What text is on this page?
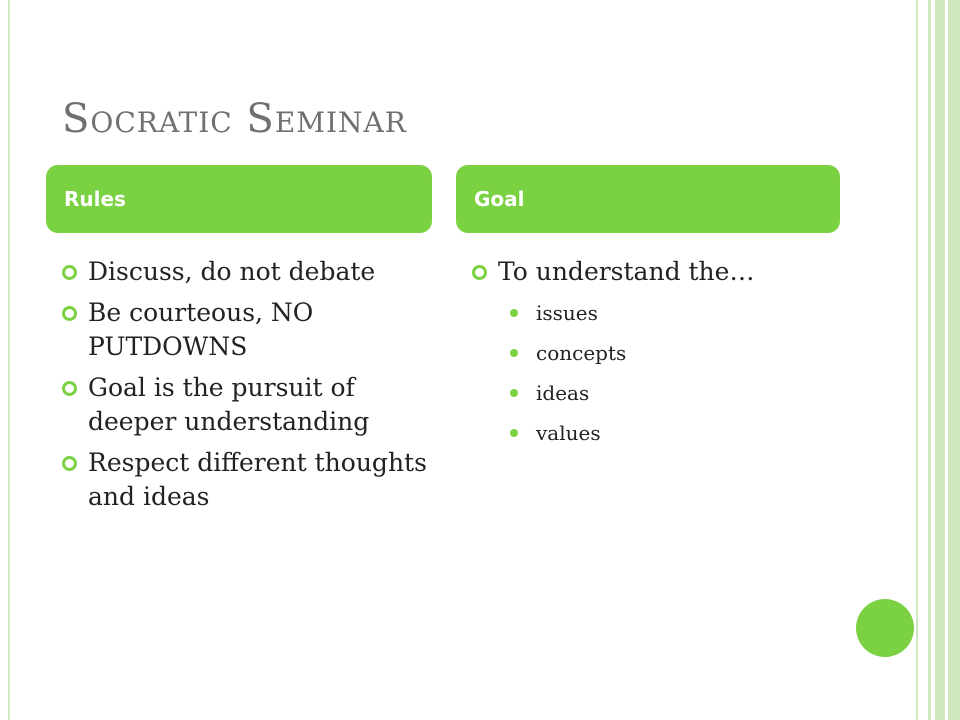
Socratic Seminar
Rules	Goal
Discuss, do not debate
Be courteous, NO PUTDOWNS
Goal is the pursuit of deeper understanding
Respect different thoughts and ideas
To understand the…
issues
concepts
ideas
values
